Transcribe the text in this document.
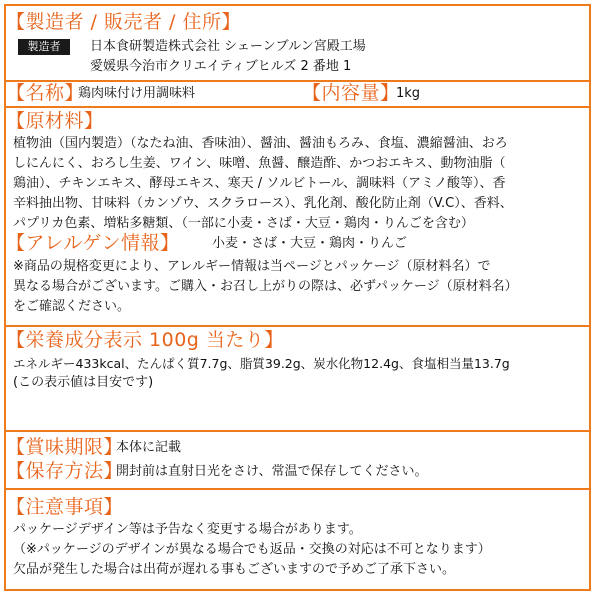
【製造者 / 販売者 / 住所】
製造者	日本食研製造株式会社 シェーンブルン宮殿工場
愛媛県今治市クリエイティブヒルズ 2 番地 1
【名称】
鶏肉味付け用調味料	【内容量】
1kg
【原材料】
植物油（国内製造）（なたね油、香味油）、醤油、醤油もろみ、食塩、濃縮醤油、おろ
しにんにく、おろし生姜、ワイン、味噌、魚醤、醸造酢、かつおエキス、動物油脂（
鶏油）、チキンエキス、酵母エキス、寒天 / ソルビトール、調味料（アミノ酸等）、香
辛料抽出物、甘味料（カンゾウ、スクラロース）、乳化剤、酸化防止剤（V.C）、香料、
パプリカ色素、増粘多糖類、（一部に小麦・さば・大豆・鶏肉・りんごを含む）
【アレルゲン情報】 小麦・さば・大豆・鶏肉・りんご
※商品の規格変更により、アレルギー情報は当ページとパッケージ（原材料名）で
異なる場合がございます。ご購入・お召し上がりの際は、必ずパッケージ（原材料名）
をご確認ください。
【栄養成分表示 100g 当たり】
エネルギー433kcal、たんぱく質7.7g、脂質39.2g、炭水化物12.4g、食塩相当量13.7g
(この表示値は目安です)
【賞味期限】
本体に記載
【保存方法】
開封前は直射日光をさけ、常温で保存してください。
【注意事項】
パッケージデザイン等は予告なく変更する場合があります。
（※パッケージのデザインが異なる場合でも返品・交換の対応は不可となります）
欠品が発生した場合は出荷が遅れる事もございますので予めご了承下さい。
